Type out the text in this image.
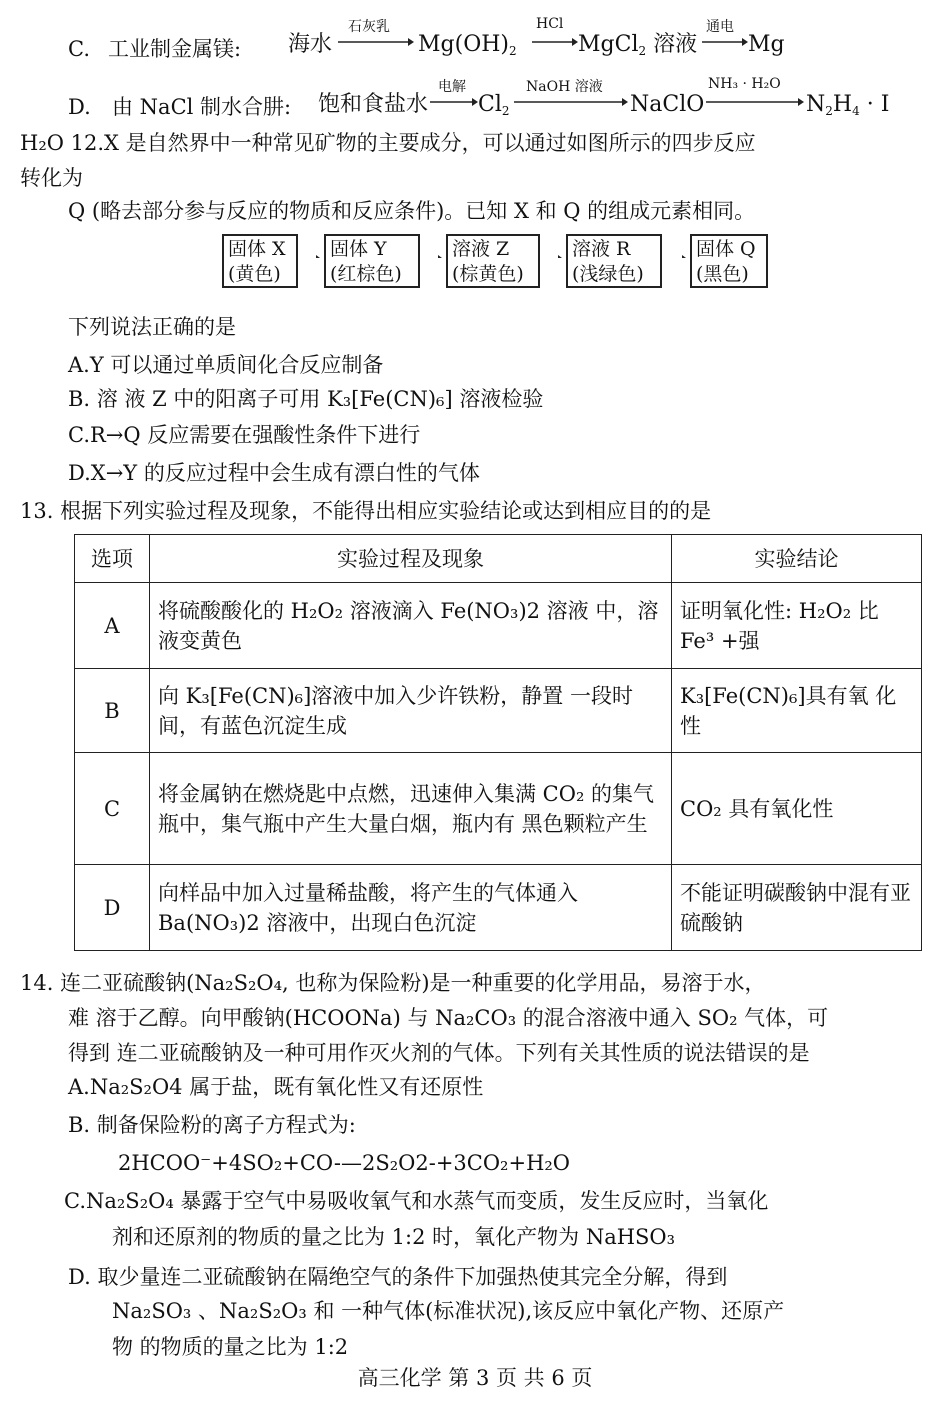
C. 工业制金属镁: 海水
石灰乳
$Mg(OH)_2$
HCl
MgCl$_2$ 溶液
通电
Mg
D. 由 NaCl 制水合肼: 饱和食盐水
电解
$Cl_2$
NaOH 溶液
NaClO
NH₃ · H₂O
$N_2H_4 \cdot I$
H₂O 12.X 是自然界中一种常见矿物的主要成分，可以通过如图所示的四步反应
转化为
Q (略去部分参与反应的物质和反应条件)。已知 X 和 Q 的组成元素相同。
固体 X
(黄色)
固体 Y
(红棕色)
溶液 Z
(棕黄色)
溶液 R
(浅绿色)
固体 Q
(黑色)
下列说法正确的是
A.Y 可以通过单质间化合反应制备
B. 溶 液 Z 中的阳离子可用 K₃[Fe(CN)₆] 溶液检验
C.R→Q 反应需要在强酸性条件下进行
D.X→Y 的反应过程中会生成有漂白性的气体
13. 根据下列实验过程及现象，不能得出相应实验结论或达到相应目的的是
选项	实验过程及现象	实验结论
A	将硫酸酸化的 H₂O₂ 溶液滴入 Fe(NO₃)2 溶液 中，溶液变黄色	证明氧化性: H₂O₂ 比 Fe³ +强
B	向 K₃[Fe(CN)₆]溶液中加入少许铁粉，静置 一段时间，有蓝色沉淀生成	K₃[Fe(CN)₆]具有氧 化性
C	将金属钠在燃烧匙中点燃，迅速伸入集满 CO₂ 的集气瓶中，集气瓶中产生大量白烟，瓶内有 黑色颗粒产生	CO₂ 具有氧化性
D	向样品中加入过量稀盐酸，将产生的气体通入 Ba(NO₃)2 溶液中，出现白色沉淀	不能证明碳酸钠中混有亚硫酸钠
14. 连二亚硫酸钠(Na₂S₂O₄, 也称为保险粉)是一种重要的化学用品，易溶于水，
难 溶于乙醇。向甲酸钠(HCOONa) 与 Na₂CO₃ 的混合溶液中通入 SO₂ 气体，可
得到 连二亚硫酸钠及一种可用作灭火剂的气体。下列有关其性质的说法错误的是
A.Na₂S₂O4 属于盐，既有氧化性又有还原性
B. 制备保险粉的离子方程式为:
2HCOO⁻+4SO₂+CO-—2S₂O2-+3CO₂+H₂O
C.Na₂S₂O₄ 暴露于空气中易吸收氧气和水蒸气而变质，发生反应时，当氧化
剂和还原剂的物质的量之比为 1:2 时，氧化产物为 NaHSO₃
D. 取少量连二亚硫酸钠在隔绝空气的条件下加强热使其完全分解，得到
Na₂SO₃ 、Na₂S₂O₃ 和 一种气体(标准状况),该反应中氧化产物、还原产
物 的物质的量之比为 1:2
高三化学 第 3 页 共 6 页
